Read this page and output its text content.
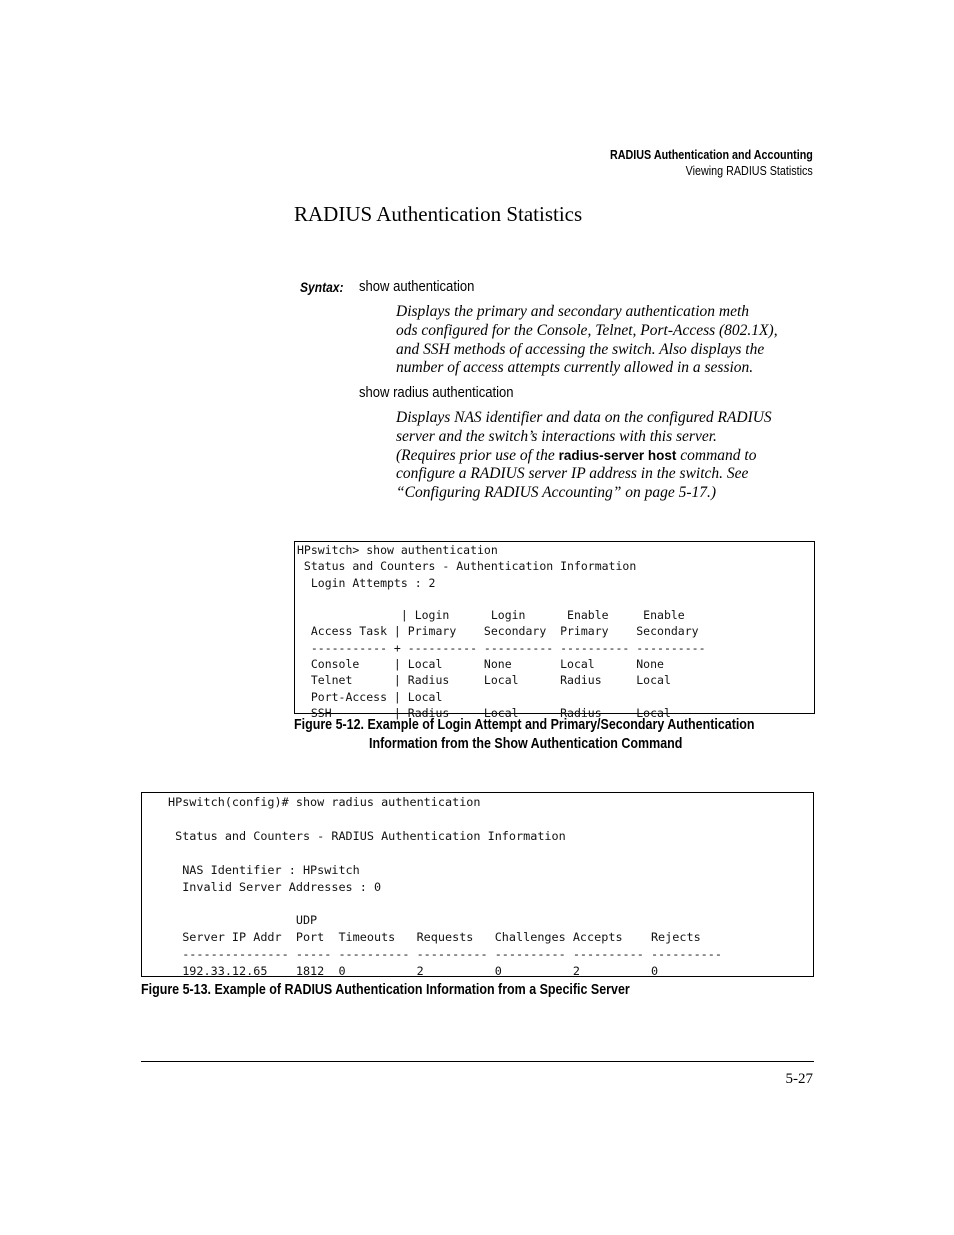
RADIUS Authentication and Accounting
Viewing RADIUS Statistics
RADIUS Authentication Statistics
Syntax: show authentication
Displays the primary and secondary authentication meth
ods configured for the Console, Telnet, Port-Access (802.1X),
and SSH methods of accessing the switch. Also displays the
number of access attempts currently allowed in a session.
show radius authentication
Displays NAS identifier and data on the configured RADIUS
server and the switch’s interactions with this server.
(Requires prior use of the radius-server host command to
configure a RADIUS server IP address in the switch. See
“Configuring RADIUS Accounting” on page 5-17.)
HPswitch> show authentication
Status and Counters - Authentication Information
Login Attempts : 2

| Login      Login      Enable     Enable
Access Task | Primary    Secondary  Primary    Secondary
----------- + ---------- ---------- ---------- ----------
Console     | Local      None       Local      None
Telnet      | Radius     Local      Radius     Local
Port-Access | Local
SSH         | Radius     Local      Radius     Local
Figure 5-12. Example of Login Attempt and Primary/Secondary Authentication
Information from the Show Authentication Command
HPswitch(config)# show radius authentication

Status and Counters - RADIUS Authentication Information

NAS Identifier : HPswitch
Invalid Server Addresses : 0

UDP
Server IP Addr  Port  Timeouts   Requests   Challenges Accepts    Rejects
--------------- ----- ---------- ---------- ---------- ---------- ----------
192.33.12.65    1812  0          2          0          2          0
Figure 5-13. Example of RADIUS Authentication Information from a Specific Server
5-27
